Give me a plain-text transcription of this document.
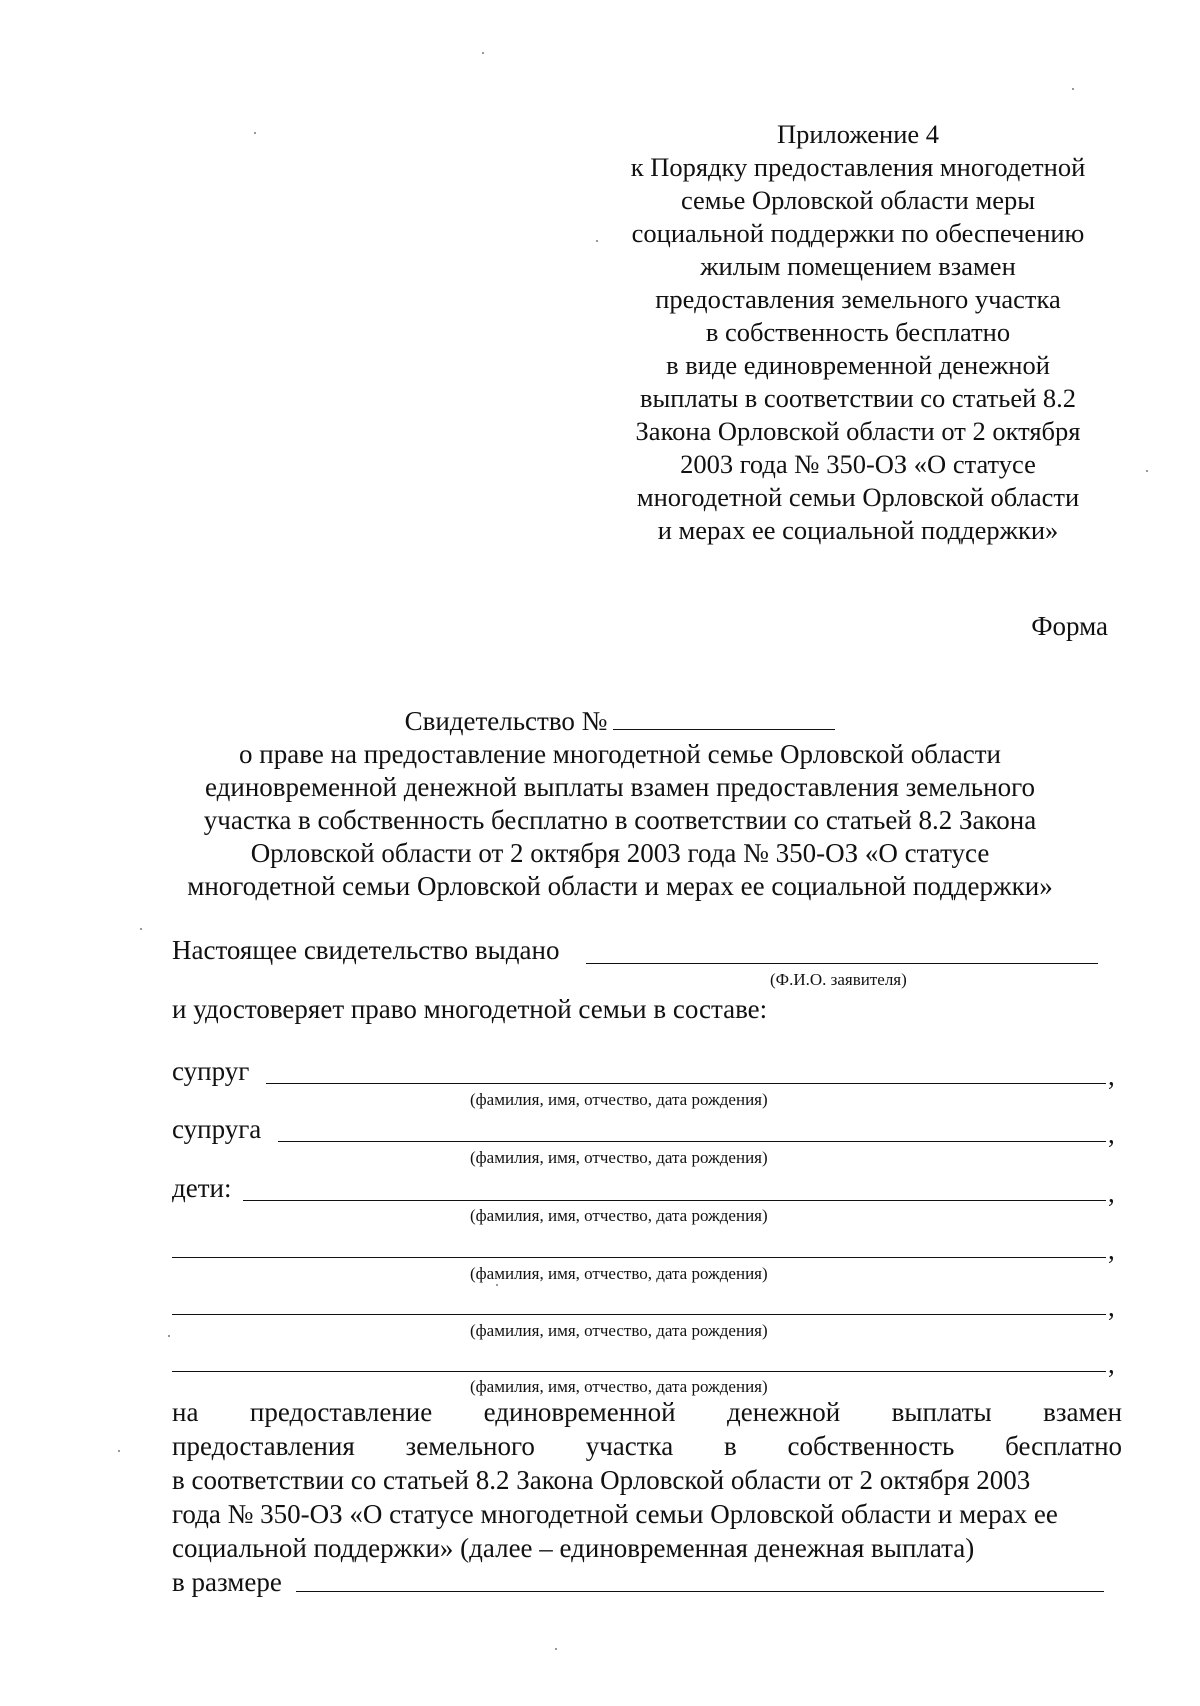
Приложение 4
к Порядку предоставления многодетной
семье Орловской области меры
социальной поддержки по обеспечению
жилым помещением взамен
предоставления земельного участка
в собственность бесплатно
в виде единовременной денежной
выплаты в соответствии со статьей 8.2
Закона Орловской области от 2 октября
2003 года № 350-ОЗ «О статусе
многодетной семьи Орловской области
и мерах ее социальной поддержки»
Форма
Свидетельство №
о праве на предоставление многодетной семье Орловской области
единовременной денежной выплаты взамен предоставления земельного
участка в собственность бесплатно в соответствии со статьей 8.2 Закона
Орловской области от 2 октября 2003 года № 350-ОЗ «О статусе
многодетной семьи Орловской области и мерах ее социальной поддержки»
Настоящее свидетельство выдано
(Ф.И.О. заявителя)
и удостоверяет право многодетной семьи в составе:
супруг	,
(фамилия, имя, отчество, дата рождения)
супруга	,
(фамилия, имя, отчество, дата рождения)
дети:	,
(фамилия, имя, отчество, дата рождения)
,
(фамилия, имя, отчество, дата рождения)
,
(фамилия, имя, отчество, дата рождения)
,
(фамилия, имя, отчество, дата рождения)
на предоставление единовременной денежной выплаты взамен
предоставления земельного участка в собственность бесплатно
в соответствии со статьей 8.2 Закона Орловской области от 2 октября 2003
года № 350-ОЗ «О статусе многодетной семьи Орловской области и мерах ее
социальной поддержки» (далее – единовременная денежная выплата)
в размере
